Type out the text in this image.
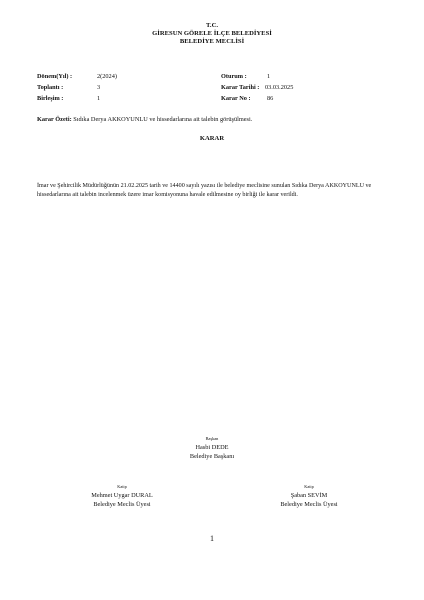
T.C.
GİRESUN GÖRELE İLÇE BELEDİYESİ
BELEDİYE MECLİSİ
Dönem(Yıl) :	2(2024)
Toplantı :	3
Birleşim :	1
Oturum :	1
Karar Tarihi : 03.03.2025
Karar No :	86
Karar Özeti: Sıdıka Derya AKKOYUNLU ve hissedarlarına ait talebin görüşülmesi.
KARAR
İmar ve Şehircilik Müdürlüğünün 21.02.2025 tarih ve 14400 sayılı yazısı ile belediye meclisine sunulan Sıdıka Derya AKKOYUNLU ve hissedarlarına ait talebin incelenmek üzere imar komisyonuna havale edilmesine oy birliği ile karar verildi.
Başkan
Hasbi DEDE
Belediye Başkanı
Katip
Mehmet Uygar DURAL
Belediye Meclis Üyesi
Katip
Şaban SEVİM
Belediye Meclis Üyesi
1
